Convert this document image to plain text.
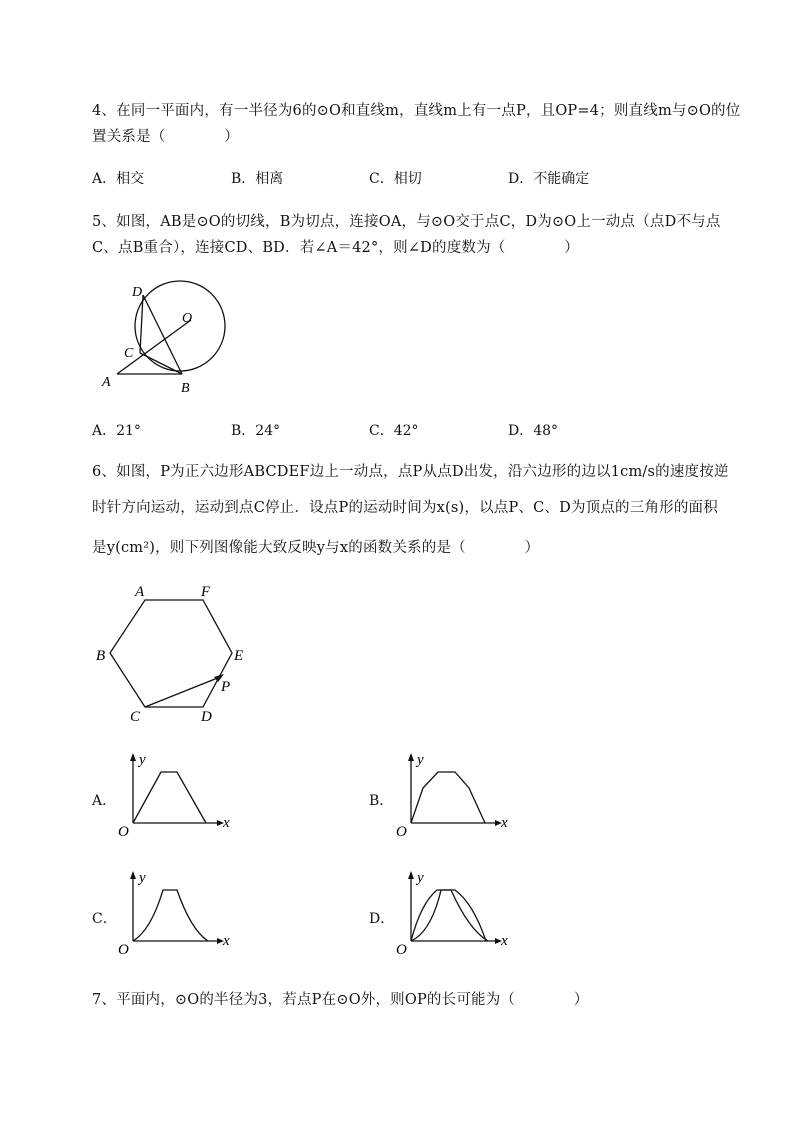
4、在同一平面内，有一半径为6的⊙O和直线m，直线m上有一点P，且OP=4；则直线m与⊙O的位
置关系是（　　　　）
A．相交	B．相离	C．相切	D．不能确定
5、如图，AB是⊙O的切线，B为切点，连接OA，与⊙O交于点C，D为⊙O上一动点（点D不与点
C、点B重合），连接CD、BD．若∠A＝42°，则∠D的度数为（　　　　）
D
O
C
A	B
A．21°	B．24°	C．42°	D．48°
6、如图，P为正六边形ABCDEF边上一动点，点P从点D出发，沿六边形的边以1cm/s的速度按逆
时针方向运动，运动到点C停止．设点P的运动时间为x(s)，以点P、C、D为顶点的三角形的面积
是y(cm²)，则下列图像能大致反映y与x的函数关系的是（　　　　）
A	F
B	E
P
C	D
A．
y
x
O
B．
y
x
O
C．
y
x
O
D．
y
x
O
7、平面内，⊙O的半径为3，若点P在⊙O外，则OP的长可能为（　　　　）
